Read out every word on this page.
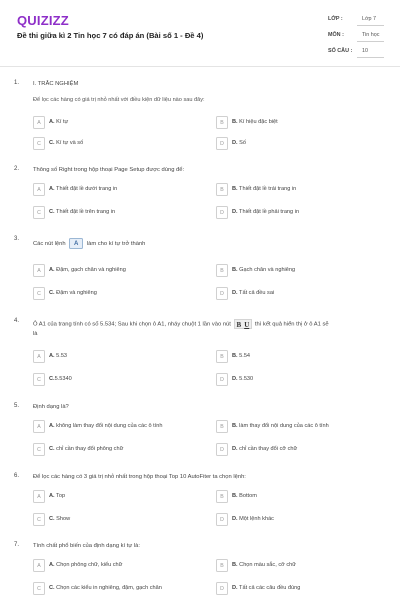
QUIZIZZ
Đề thi giữa kì 2 Tin học 7 có đáp án (Bài số 1 - Đề 4)
LỚP :	Lớp 7
MÔN :	Tin học
SỐ CÂU : 10
1. I. TRẮC NGHIỆM
Để lọc các hàng có giá trị nhỏ nhất với điều kiện dữ liệu nào sau đây:
A	A. Kí tự	B	B. Kí hiệu đặc biệt
C	C. Kí tự và số	D	D. Số
2. Thông số Right trong hộp thoại Page Setup được dùng để:
A	A. Thiết đặt lề dưới trang in	B	B. Thiết đặt lề trái trang in
C	C. Thiết đặt lề trên trang in	D	D. Thiết đặt lề phải trang in
3.
Các nút lệnh A làm cho kí tự trở thành
A	A. Đậm, gạch chân và nghiêng	B	B. Gạch chân và nghiêng
C	C. Đậm và nghiêng	D	D. Tất cả đều sai
4.
Ô A1 của trang tính có số 5.534; Sau khi chọn ô A1, nháy chuột 1 lần vào nút B U thì kết quả hiển thị ở ô A1 sẽ
là
A	A. 5.53	B	B. 5.54
C	C.5.5340	D	D. 5.530
5. Định dạng là?
A	A. không làm thay đổi nội dung của các ô tính	B	B. làm thay đổi nội dung của các ô tính
C	C. chỉ cần thay đổi phông chữ	D	D. chỉ cần thay đổi cỡ chữ
6. Để lọc các hàng có 3 giá trị nhỏ nhất trong hộp thoại Top 10 AutoFiter ta chọn lệnh:
A	A. Top	B	B. Bottom
C	C. Show	D	D. Một lệnh khác
7. Tính chất phổ biến của định dạng kí tự là:
A	A. Chọn phông chữ, kiểu chữ	B	B. Chọn màu sắc, cỡ chữ
C	C. Chọn các kiểu in nghiêng, đậm, gạch chân	D	D. Tất cả các câu đều đúng
